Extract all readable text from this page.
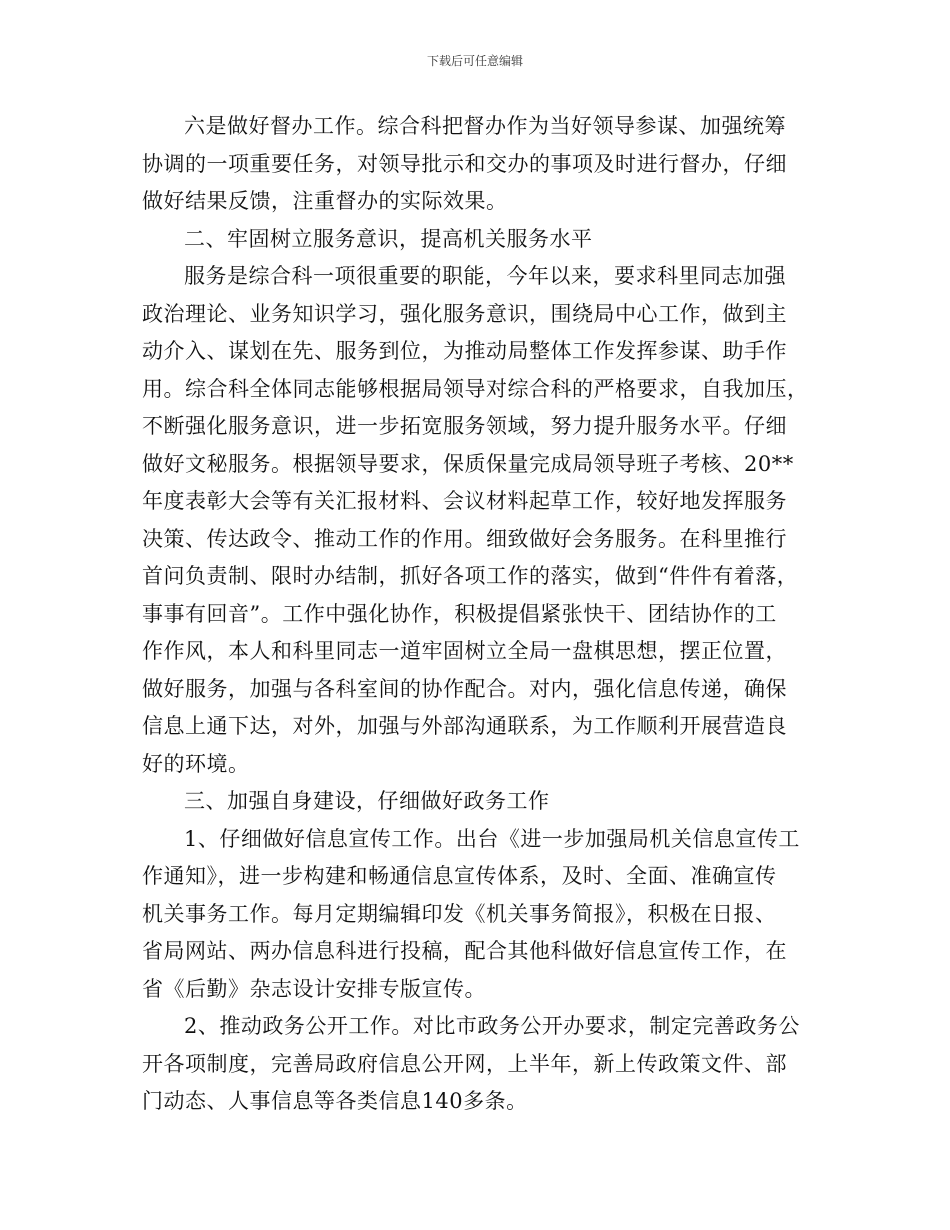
下载后可任意编辑

六是做好督办工作。综合科把督办作为当好领导参谋、加强统筹
协调的一项重要任务，对领导批示和交办的事项及时进行督办，仔细
做好结果反馈，注重督办的实际效果。

二、牢固树立服务意识，提高机关服务水平

服务是综合科一项很重要的职能，今年以来，要求科里同志加强
政治理论、业务知识学习，强化服务意识，围绕局中心工作，做到主
动介入、谋划在先、服务到位，为推动局整体工作发挥参谋、助手作
用。综合科全体同志能够根据局领导对综合科的严格要求，自我加压，
不断强化服务意识，进一步拓宽服务领域，努力提升服务水平。仔细
做好文秘服务。根据领导要求，保质保量完成局领导班子考核、20**
年度表彰大会等有关汇报材料、会议材料起草工作，较好地发挥服务
决策、传达政令、推动工作的作用。细致做好会务服务。在科里推行
首问负责制、限时办结制，抓好各项工作的落实，做到“件件有着落，
事事有回音”。工作中强化协作，积极提倡紧张快干、团结协作的工
作作风，本人和科里同志一道牢固树立全局一盘棋思想，摆正位置，
做好服务，加强与各科室间的协作配合。对内，强化信息传递，确保
信息上通下达，对外，加强与外部沟通联系，为工作顺利开展营造良
好的环境。

三、加强自身建设，仔细做好政务工作

1、仔细做好信息宣传工作。出台《进一步加强局机关信息宣传工
作通知》，进一步构建和畅通信息宣传体系，及时、全面、准确宣传
机关事务工作。每月定期编辑印发《机关事务简报》，积极在日报、
省局网站、两办信息科进行投稿，配合其他科做好信息宣传工作，在
省《后勤》杂志设计安排专版宣传。

2、推动政务公开工作。对比市政务公开办要求，制定完善政务公
开各项制度，完善局政府信息公开网，上半年，新上传政策文件、部
门动态、人事信息等各类信息140多条。
